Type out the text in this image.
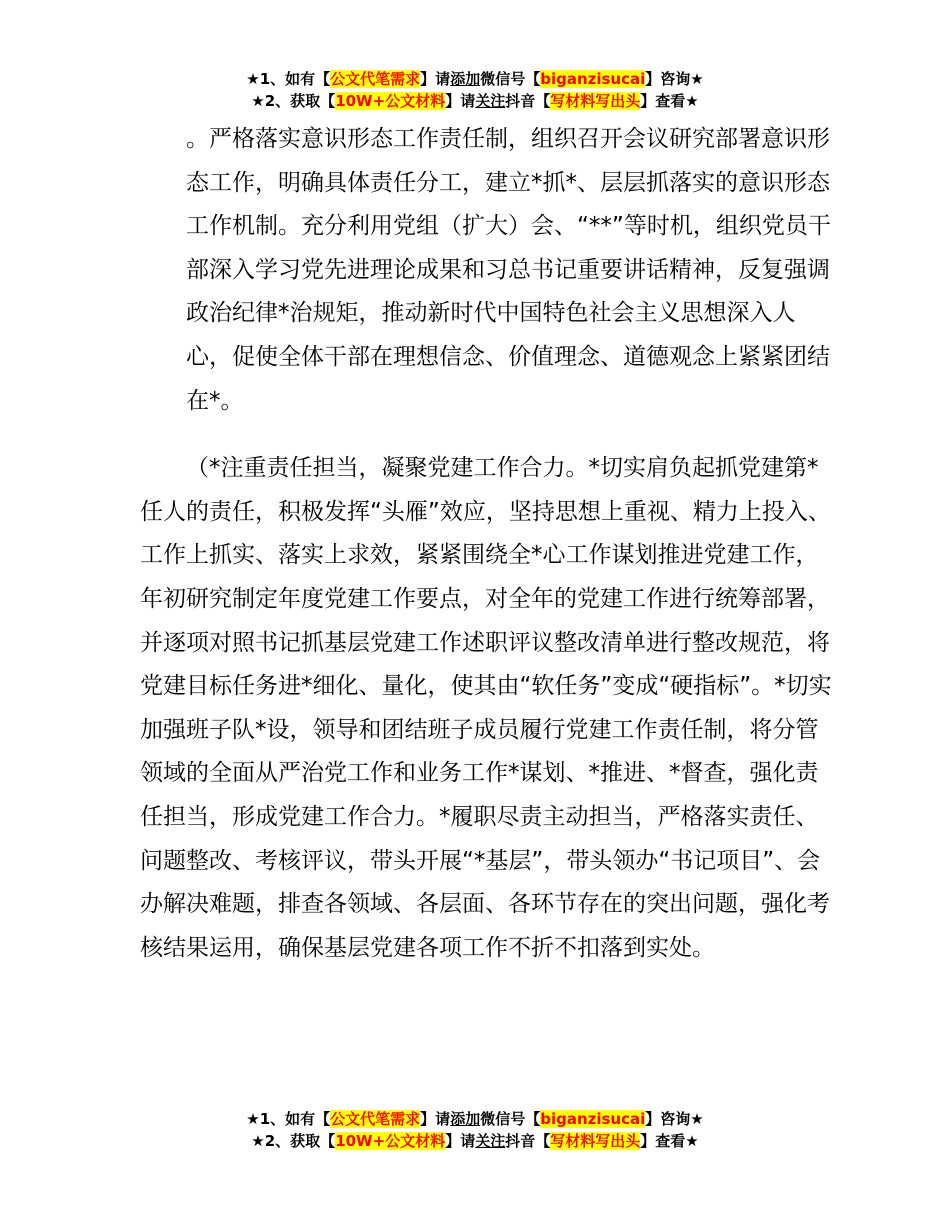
★1、如有【公文代笔需求】请添加微信号【biganzisucai】咨询★
★2、获取【10W+公文材料】请关注抖音【写材料写出头】查看★

。严格落实意识形态工作责任制，组织召开会议研究部署意识形态工作，明确具体责任分工，建立*抓*、层层抓落实的意识形态工作机制。充分利用党组（扩大）会、“**”等时机，组织党员干部深入学习党先进理论成果和习总书记重要讲话精神，反复强调政治纪律*治规矩，推动新时代中国特色社会主义思想深入人心，促使全体干部在理想信念、价值理念、道德观念上紧紧团结在*。

（*注重责任担当，凝聚党建工作合力。*切实肩负起抓党建第*任人的责任，积极发挥“头雁”效应，坚持思想上重视、精力上投入、工作上抓实、落实上求效，紧紧围绕全*心工作谋划推进党建工作，年初研究制定年度党建工作要点，对全年的党建工作进行统筹部署，并逐项对照书记抓基层党建工作述职评议整改清单进行整改规范，将党建目标任务进*细化、量化，使其由“软任务”变成“硬指标”。*切实加强班子队*设，领导和团结班子成员履行党建工作责任制，将分管领域的全面从严治党工作和业务工作*谋划、*推进、*督查，强化责任担当，形成党建工作合力。*履职尽责主动担当，严格落实责任、问题整改、考核评议，带头开展“*基层”，带头领办“书记项目”、会办解决难题，排查各领域、各层面、各环节存在的突出问题，强化考核结果运用，确保基层党建各项工作不折不扣落到实处。

★1、如有【公文代笔需求】请添加微信号【biganzisucai】咨询★
★2、获取【10W+公文材料】请关注抖音【写材料写出头】查看★
